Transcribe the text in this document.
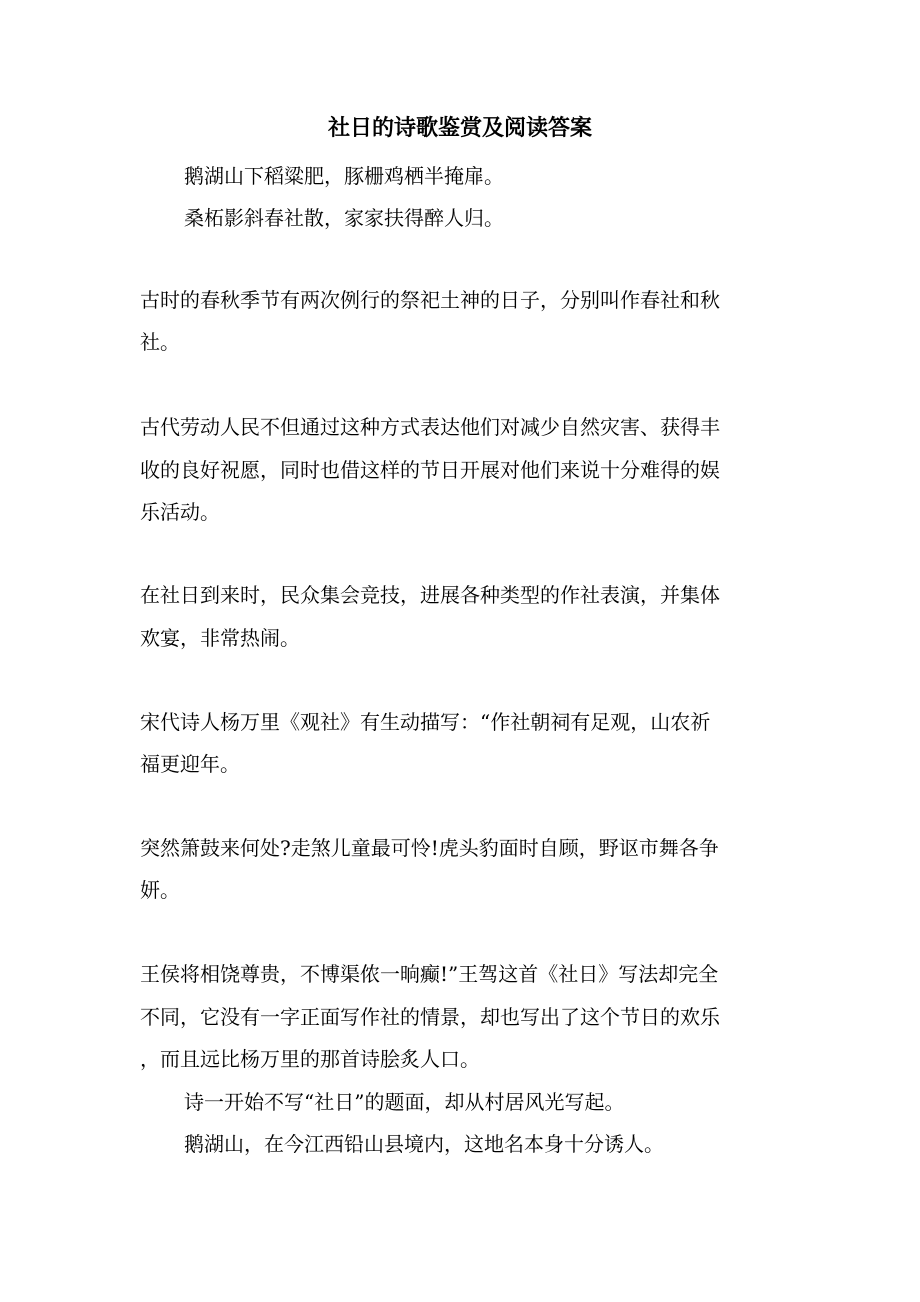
社日的诗歌鉴赏及阅读答案

鹅湖山下稻粱肥，豚栅鸡栖半掩扉。

桑柘影斜春社散，家家扶得醉人归。

古时的春秋季节有两次例行的祭祀土神的日子，分别叫作春社和秋

社。

古代劳动人民不但通过这种方式表达他们对减少自然灾害、获得丰

收的良好祝愿，同时也借这样的节日开展对他们来说十分难得的娱

乐活动。

在社日到来时，民众集会竞技，进展各种类型的作社表演，并集体

欢宴，非常热闹。

宋代诗人杨万里《观社》有生动描写：“作社朝祠有足观，山农祈

福更迎年。

突然箫鼓来何处?走煞儿童最可怜!虎头豹面时自顾，野讴市舞各争

妍。

王侯将相饶尊贵，不博渠侬一晌癫!”王驾这首《社日》写法却完全

不同，它没有一字正面写作社的情景，却也写出了这个节日的欢乐

，而且远比杨万里的那首诗脍炙人口。

诗一开始不写“社日”的题面，却从村居风光写起。

鹅湖山，在今江西铅山县境内，这地名本身十分诱人。
